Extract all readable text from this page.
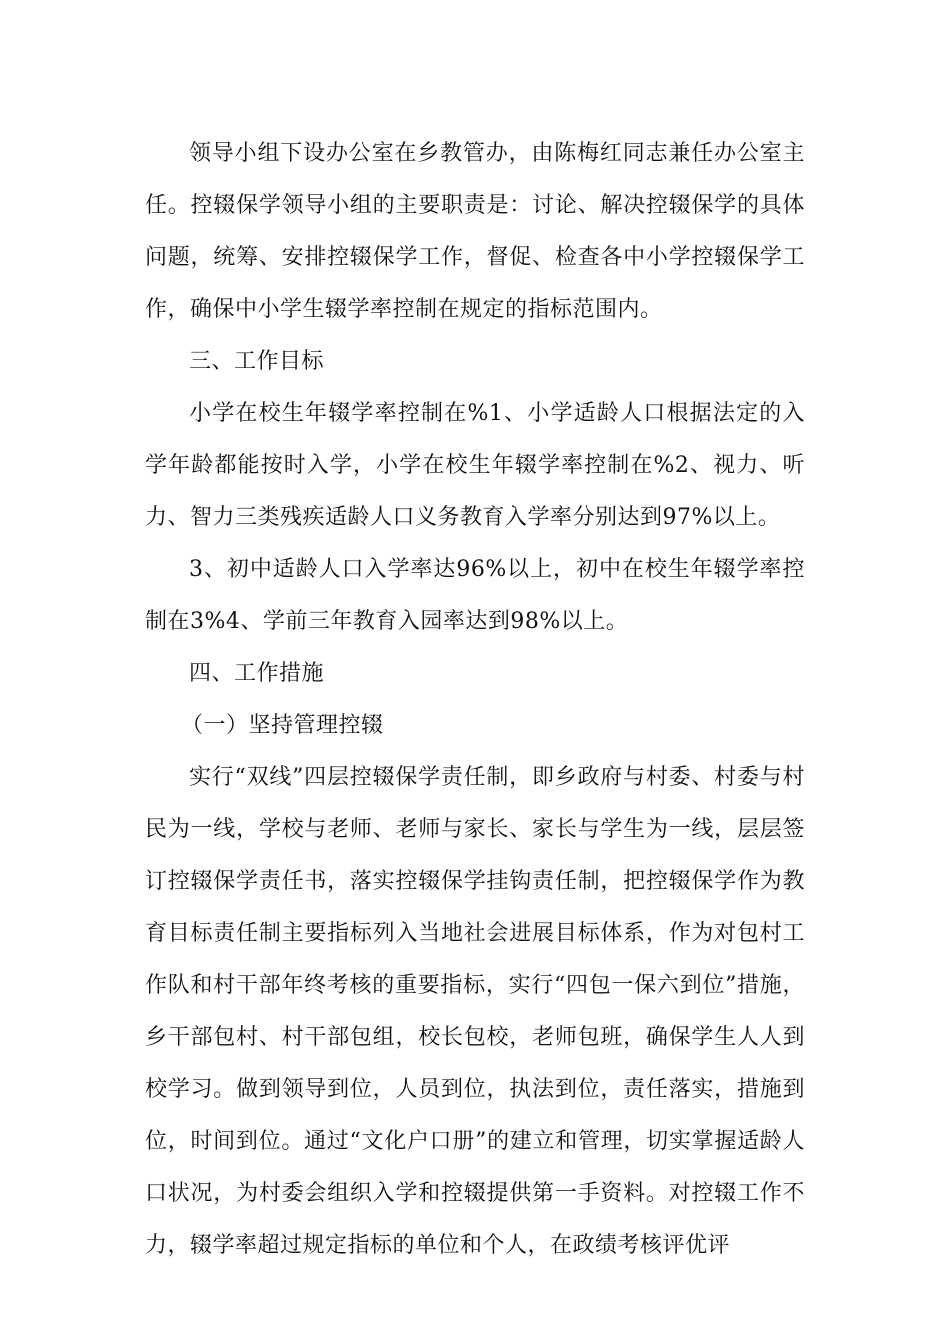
领导小组下设办公室在乡教管办，由陈梅红同志兼任办公室主任。控辍保学领导小组的主要职责是：讨论、解决控辍保学的具体问题，统筹、安排控辍保学工作，督促、检查各中小学控辍保学工作，确保中小学生辍学率控制在规定的指标范围内。

三、工作目标

小学在校生年辍学率控制在%1、小学适龄人口根据法定的入学年龄都能按时入学，小学在校生年辍学率控制在%2、视力、听力、智力三类残疾适龄人口义务教育入学率分别达到97%以上。

3、初中适龄人口入学率达96%以上，初中在校生年辍学率控制在3%4、学前三年教育入园率达到98%以上。

四、工作措施

（一）坚持管理控辍

实行“双线”四层控辍保学责任制，即乡政府与村委、村委与村民为一线，学校与老师、老师与家长、家长与学生为一线，层层签订控辍保学责任书，落实控辍保学挂钩责任制，把控辍保学作为教育目标责任制主要指标列入当地社会进展目标体系，作为对包村工作队和村干部年终考核的重要指标，实行“四包一保六到位”措施，乡干部包村、村干部包组，校长包校，老师包班，确保学生人人到校学习。做到领导到位，人员到位，执法到位，责任落实，措施到位，时间到位。通过“文化户口册”的建立和管理，切实掌握适龄人口状况，为村委会组织入学和控辍提供第一手资料。对控辍工作不力，辍学率超过规定指标的单位和个人，在政绩考核评优评
